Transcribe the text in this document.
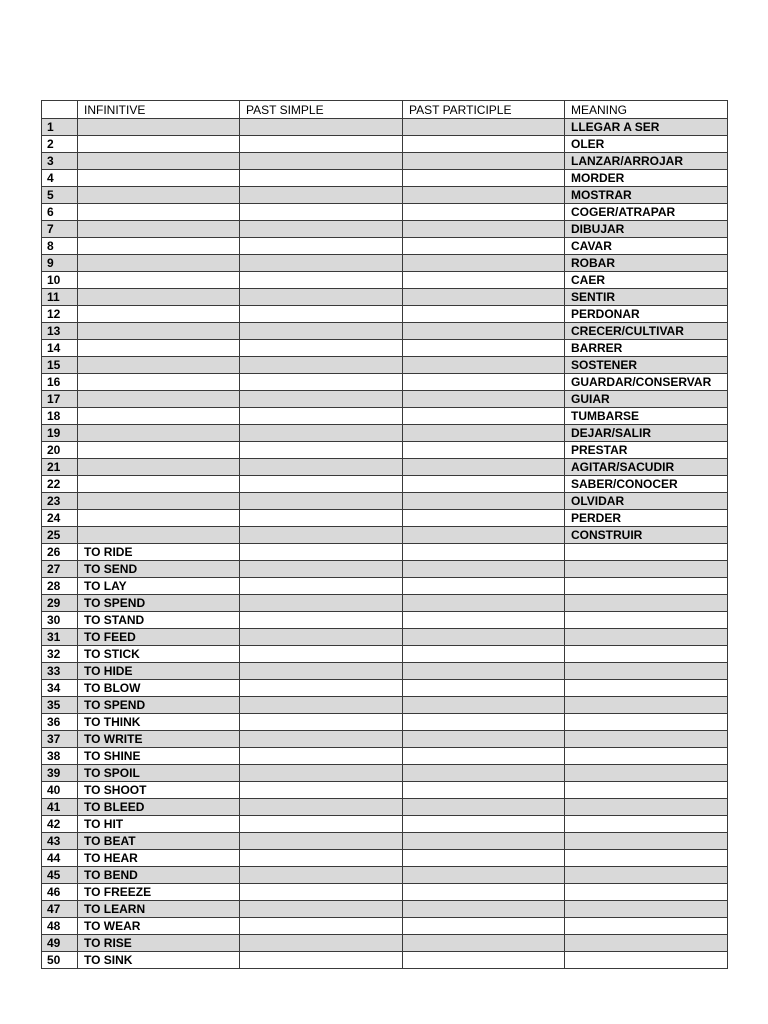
	INFINITIVE	PAST SIMPLE	PAST PARTICIPLE	MEANING
1				LLEGAR A SER
2				OLER
3				LANZAR/ARROJAR
4				MORDER
5				MOSTRAR
6				COGER/ATRAPAR
7				DIBUJAR
8				CAVAR
9				ROBAR
10				CAER
11				SENTIR
12				PERDONAR
13				CRECER/CULTIVAR
14				BARRER
15				SOSTENER
16				GUARDAR/CONSERVAR
17				GUIAR
18				TUMBARSE
19				DEJAR/SALIR
20				PRESTAR
21				AGITAR/SACUDIR
22				SABER/CONOCER
23				OLVIDAR
24				PERDER
25				CONSTRUIR
26	TO RIDE			
27	TO SEND			
28	TO LAY			
29	TO SPEND			
30	TO STAND			
31	TO FEED			
32	TO STICK			
33	TO HIDE			
34	TO BLOW			
35	TO SPEND			
36	TO THINK			
37	TO WRITE			
38	TO SHINE			
39	TO SPOIL			
40	TO SHOOT			
41	TO BLEED			
42	TO HIT			
43	TO BEAT			
44	TO HEAR			
45	TO BEND			
46	TO FREEZE			
47	TO LEARN			
48	TO WEAR			
49	TO RISE			
50	TO SINK			
